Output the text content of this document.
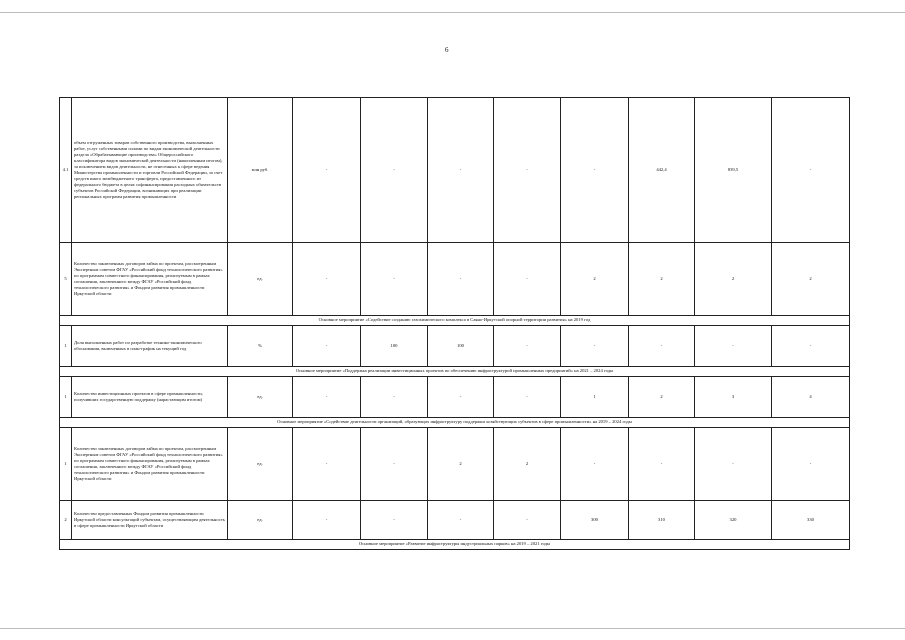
6
4.1	объем отгруженных товаров собственного производства, выполненных работ, услуг собственными силами по видам экономической деятельности раздела «Обрабатывающие производства» Общероссийского классификатора видов экономической деятельности (накопленным итогом), за исключением видов деятельности, не отнесенных к сфере ведения Министерства промышленности и торговли Российской Федерации, за счет средств иного межбюджетного трансферта, предоставленного из федерального бюджета в целях софинансирования расходных обязательств субъектов Российской Федерации, возникающих при реализации региональных программ развития промышленности	млн руб.	-	-	-	-	-	442,4	839,5	-
5	Количество заключенных договоров займа по проектам, рассмотренным Экспертным советом ФГАУ «Российский фонд технологического развития» по программам совместного финансирования, реализуемым в рамках соглашения, заключенного между ФГАУ «Российский фонд технологического развития» и Фондом развития промышленности Иркутской области	ед.	-	-	-	-	2	2	2	2
Основное мероприятие «Содействие созданию газохимического комплекса в Саяно-Иркутской опорной территории развития» на 2019 год										
1	Доля выполненных работ по разработке технико-экономического обоснования, включенных в план-график на текущий год	%	-	100	100	-	-	-	-	-
Основное мероприятие «Поддержка реализации инвестиционных проектов по обеспечению инфраструктурой промышленных предприятий» на 2021 – 2024 годы										
1	Количество инвестиционных проектов в сфере промышленности, получивших государственную поддержку (нарастающим итогом)	ед.	-	-	-	-	1	2	3	4
Основное мероприятие «Содействие деятельности организаций, образующих инфраструктуру поддержки хозяйствующих субъектов в сфере промышленности» на 2019 – 2024 годы										
1	Количество заключенных договоров займа по проектам, рассмотренным Экспертным советом ФГАУ «Российский фонд технологического развития» по программам совместного финансирования, реализуемым в рамках соглашения, заключенного между ФГАУ «Российский фонд технологического развития» и Фондом развития промышленности Иркутской области	ед.	-	-	2	2	-	-	-	-
2	Количество предоставленных Фондом развития промышленности Иркутской области консультаций субъектам, осуществляющим деятельность в сфере промышленности Иркутской области	ед.	-	-	-	-	300	310	320	330
Основное мероприятие «Развитие инфраструктуры индустриальных парков» на 2019 – 2021 годы										
